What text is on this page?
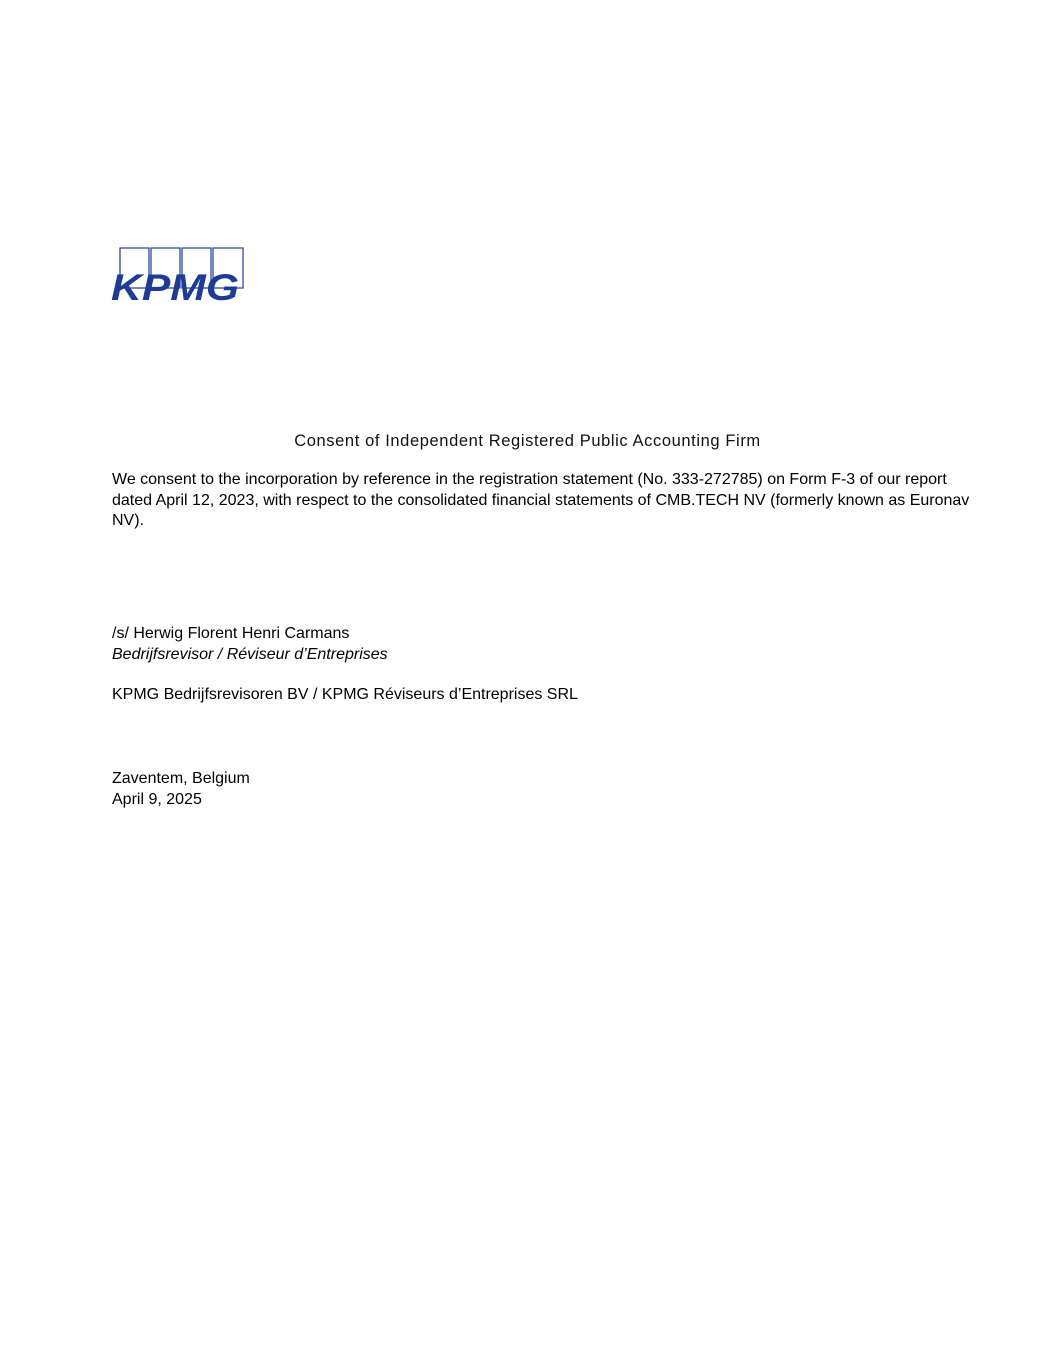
KPMG
Consent of Independent Registered Public Accounting Firm
We consent to the incorporation by reference in the registration statement (No. 333-272785) on Form F-3 of our report dated April 12, 2023, with respect to the consolidated financial statements of CMB.TECH NV (formerly known as Euronav NV).
/s/ Herwig Florent Henri Carmans
Bedrijfsrevisor / Réviseur d’Entreprises
KPMG Bedrijfsrevisoren BV / KPMG Réviseurs d’Entreprises SRL
Zaventem, Belgium
April 9, 2025
